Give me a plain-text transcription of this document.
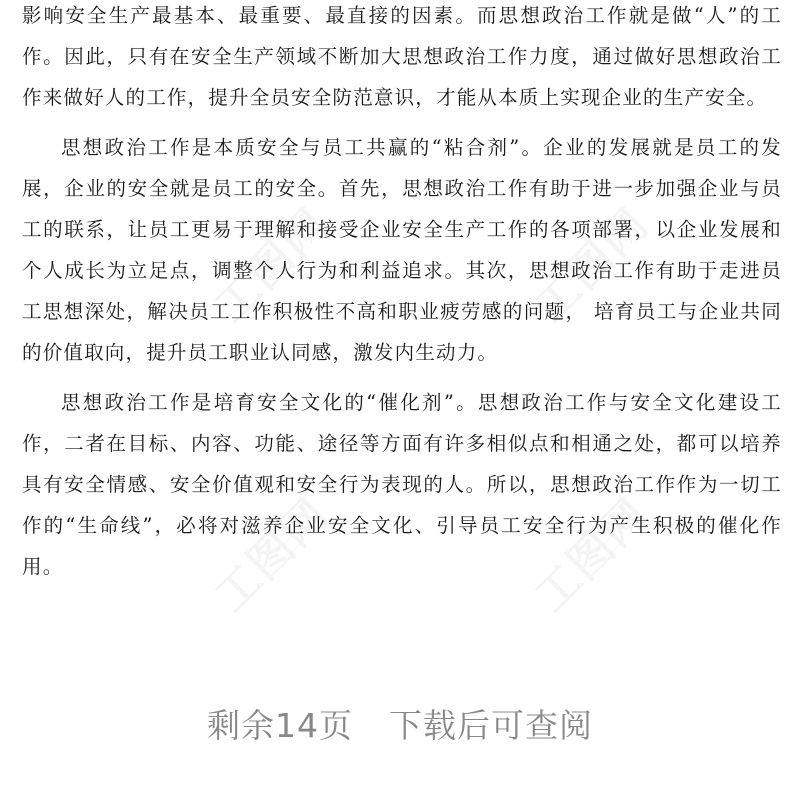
影响安全生产最基本、最重要、最直接的因素。而思想政治工作就是做“人”的工作。因此，只有在安全生产领域不断加大思想政治工作力度，通过做好思想政治工作来做好人的工作，提升全员安全防范意识，才能从本质上实现企业的生产安全。

思想政治工作是本质安全与员工共赢的“粘合剂”。企业的发展就是员工的发展，企业的安全就是员工的安全。首先，思想政治工作有助于进一步加强企业与员工的联系，让员工更易于理解和接受企业安全生产工作的各项部署，以企业发展和个人成长为立足点，调整个人行为和利益追求。其次，思想政治工作有助于走进员工思想深处，解决员工工作积极性不高和职业疲劳感的问题， 培育员工与企业共同的价值取向，提升员工职业认同感，激发内生动力。

思想政治工作是培育安全文化的“催化剂”。思想政治工作与安全文化建设工作，二者在目标、内容、功能、途径等方面有许多相似点和相通之处，都可以培养具有安全情感、安全价值观和安全行为表现的人。所以，思想政治工作作为一切工作的“生命线”，必将对滋养企业安全文化、引导员工安全行为产生积极的催化作用。

剩余14页 下载后可查阅
